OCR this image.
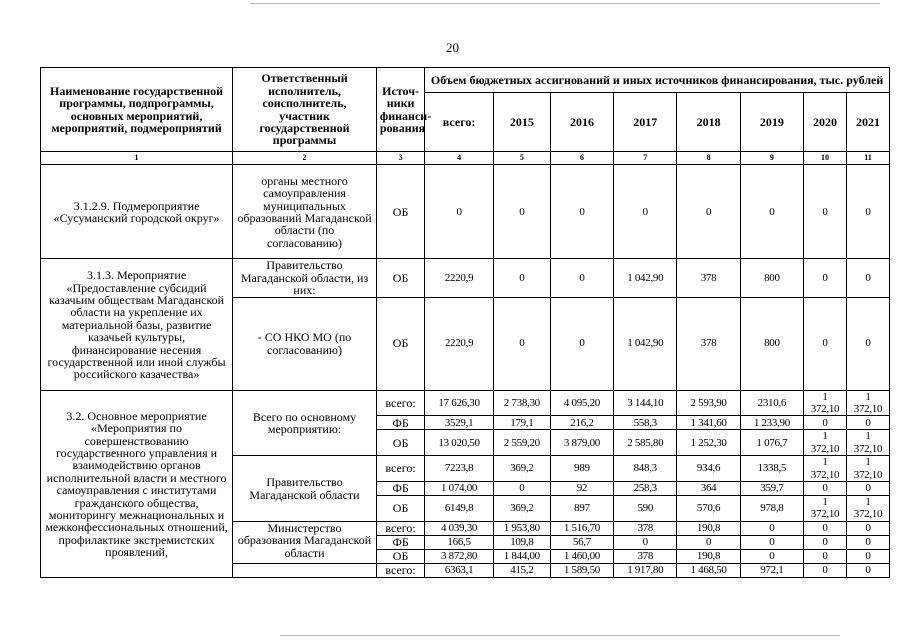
20
Наименование государственной программы, подпрограммы, основных мероприятий, мероприятий, подмероприятий	Ответственный исполнитель, соисполнитель, участник государственной программы	Источ-ники финанси-рования	Объем бюджетных ассигнований и иных источников финансирования, тыс. рублей							
			всего:	2015	2016	2017	2018	2019	2020	2021
1	2	3	4	5	6	7	8	9	10	11
3.1.2.9. Подмероприятие «Сусуманский городской округ»	органы местного самоуправления муниципальных образований Магаданской области (по согласованию)	ОБ	0	0	0	0	0	0	0	0
3.1.3. Мероприятие «Предоставление субсидий казачьим обществам Магаданской области на укрепление их материальной базы, развитие казачьей культуры, финансирование несения государственной или иной службы российского казачества»	Правительство Магаданской области, из них:	ОБ	2220,9	0	0	1 042,90	378	800	0	0
	- СО НКО МО (по согласованию)	ОБ	2220,9	0	0	1 042,90	378	800	0	0
3.2. Основное мероприятие «Мероприятия по совершенствованию государственного управления и взаимодействию органов исполнительной власти и местного самоуправления с институтами гражданского общества, мониторингу межнациональных и межконфессиональных отношений, профилактике экстремистских проявлений,	Всего по основному мероприятию:	всего:	17 626,30	2 738,30	4 095,20	3 144,10	2 593,90	2310,6	1 372,10	1 372,10
		ФБ	3529,1	179,1	216,2	558,3	1 341,60	1 233,90	0	0
		ОБ	13 020,50	2 559,20	3 879,00	2 585,80	1 252,30	1 076,7	1 372,10	1 372,10
	Правительство Магаданской области	всего:	7223,8	369,2	989	848,3	934,6	1338,5	1 372,10	1 372,10
		ФБ	1 074,00	0	92	258,3	364	359,7	0	0
		ОБ	6149,8	369,2	897	590	570,6	978,8	1 372,10	1 372,10
	Министерство образования Магаданской области	всего:	4 039,30	1 953,80	1 516,70	378	190,8	0	0	0
		ФБ	166,5	109,8	56,7	0	0	0	0	0
		ОБ	3 872,80	1 844,00	1 460,00	378	190,8	0	0	0
		всего:	6363,1	415,2	1 589,50	1 917,80	1 468,50	972,1	0	0
